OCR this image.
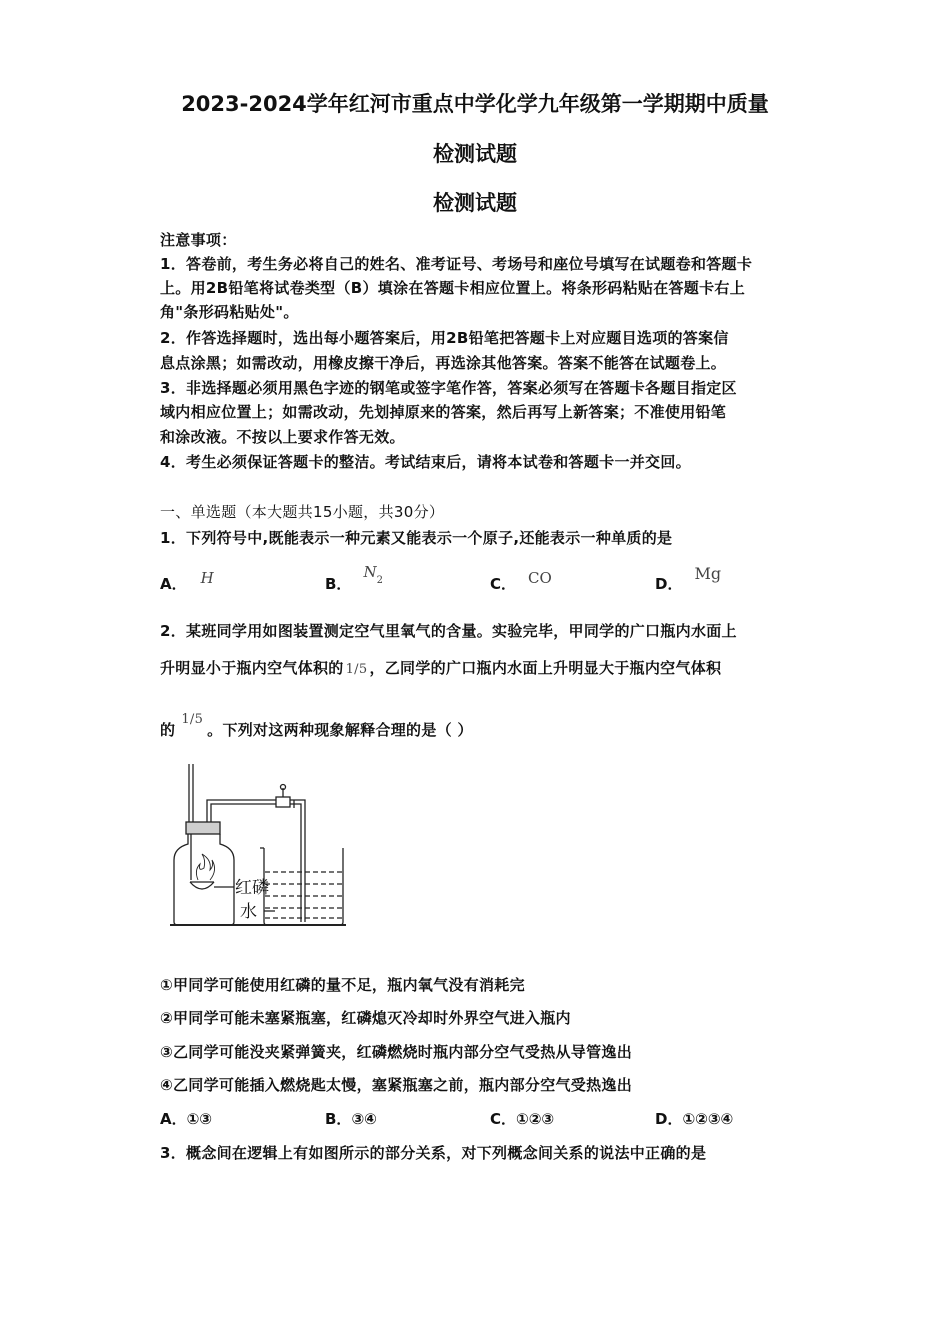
2023-2024学年红河市重点中学化学九年级第一学期期中质量
检测试题
检测试题
注意事项：
1．答卷前，考生务必将自己的姓名、准考证号、考场号和座位号填写在试题卷和答题卡
上。用2B铅笔将试卷类型（B）填涂在答题卡相应位置上。将条形码粘贴在答题卡右上
角"条形码粘贴处"。
2．作答选择题时，选出每小题答案后，用2B铅笔把答题卡上对应题目选项的答案信
息点涂黑；如需改动，用橡皮擦干净后，再选涂其他答案。答案不能答在试题卷上。
3．非选择题必须用黑色字迹的钢笔或签字笔作答，答案必须写在答题卡各题目指定区
域内相应位置上；如需改动，先划掉原来的答案，然后再写上新答案；不准使用铅笔
和涂改液。不按以上要求作答无效。
4．考生必须保证答题卡的整洁。考试结束后，请将本试卷和答题卡一并交回。
一、单选题（本大题共15小题，共30分）
1．下列符号中,既能表示一种元素又能表示一个原子,还能表示一种单质的是
A． H	B．$N^2$	C． CO	D．Mg
2．某班同学用如图装置测定空气里氧气的含量。实验完毕，甲同学的广口瓶内水面上
升明显小于瓶内空气体积的 1/5 ，乙同学的广口瓶内水面上升明显大于瓶内空气体积
的1/5。下列对这两种现象解释合理的是（ ）
红磷
水
①甲同学可能使用红磷的量不足，瓶内氧气没有消耗完
②甲同学可能未塞紧瓶塞，红磷熄灭冷却时外界空气进入瓶内
③乙同学可能没夹紧弹簧夹，红磷燃烧时瓶内部分空气受热从导管逸出
④乙同学可能插入燃烧匙太慢，塞紧瓶塞之前，瓶内部分空气受热逸出
A．①③	B．③④	C．①②③	D．①②③④
3．概念间在逻辑上有如图所示的部分关系，对下列概念间关系的说法中正确的是
